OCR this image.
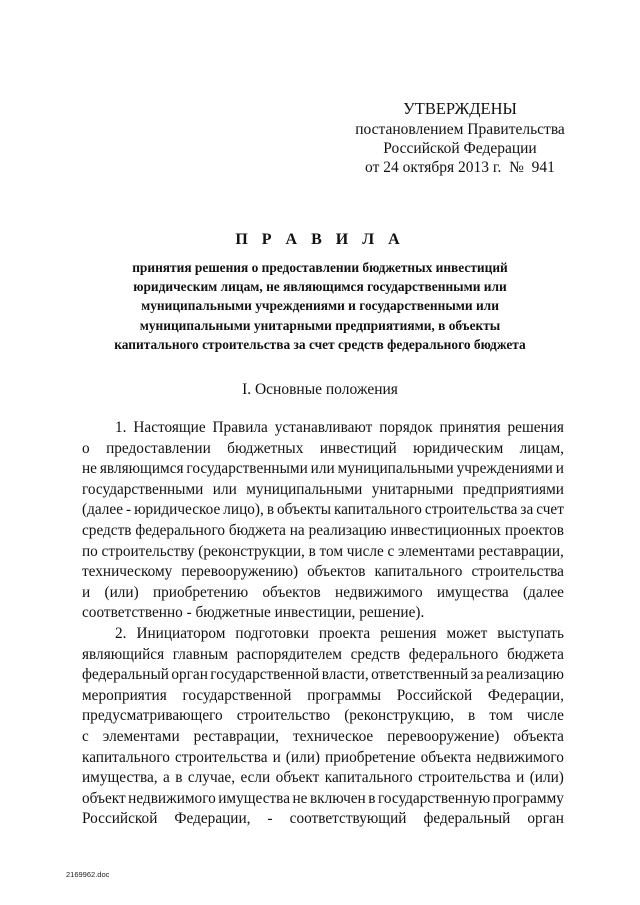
УТВЕРЖДЕНЫ
постановлением Правительства
Российской Федерации
от 24 октября 2013 г.  №  941
П Р А В И Л А
принятия решения о предоставлении бюджетных инвестиций
юридическим лицам, не являющимся государственными или
муниципальными учреждениями и государственными или
муниципальными унитарными предприятиями, в объекты
капитального строительства за счет средств федерального бюджета
I. Основные положения
1. Настоящие Правила устанавливают порядок принятия решения
о предоставлении бюджетных инвестиций юридическим лицам,
не являющимся государственными или муниципальными учреждениями и
государственными или муниципальными унитарными предприятиями
(далее - юридическое лицо), в объекты капитального строительства за счет
средств федерального бюджета на реализацию инвестиционных проектов
по строительству (реконструкции, в том числе с элементами реставрации,
техническому перевооружению) объектов капитального строительства
и (или) приобретению объектов недвижимого имущества (далее
соответственно - бюджетные инвестиции, решение).
2. Инициатором подготовки проекта решения может выступать
являющийся главным распорядителем средств федерального бюджета
федеральный орган государственной власти, ответственный за реализацию
мероприятия государственной программы Российской Федерации,
предусматривающего строительство (реконструкцию, в том числе
с элементами реставрации, техническое перевооружение) объекта
капитального строительства и (или) приобретение объекта недвижимого
имущества, а в случае, если объект капитального строительства и (или)
объект недвижимого имущества не включен в государственную программу
Российской Федерации, - соответствующий федеральный орган
2169962.doc
